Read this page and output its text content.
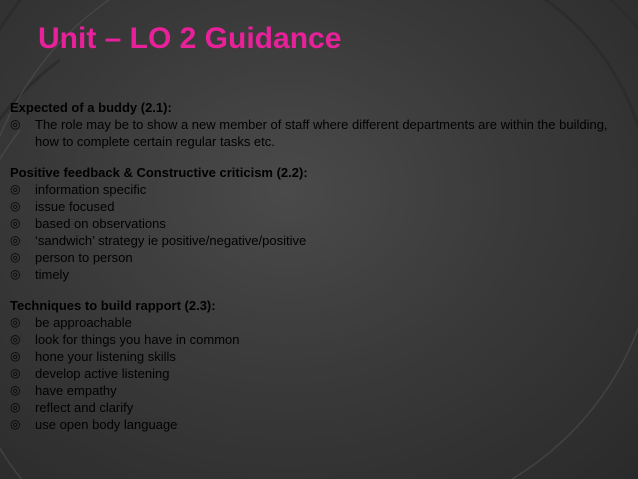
Unit – LO 2 Guidance

Expected of a buddy (2.1):

◎ The role may be to show a new member of staff where different departments are within the building, how to complete certain regular tasks etc.

Positive feedback & Constructive criticism (2.2):

◎ information specific
◎ issue focused
◎ based on observations
◎ ‘sandwich’ strategy ie positive/negative/positive
◎ person to person
◎ timely

Techniques to build rapport (2.3):

◎ be approachable
◎ look for things you have in common
◎ hone your listening skills
◎ develop active listening
◎ have empathy
◎ reflect and clarify
◎ use open body language
